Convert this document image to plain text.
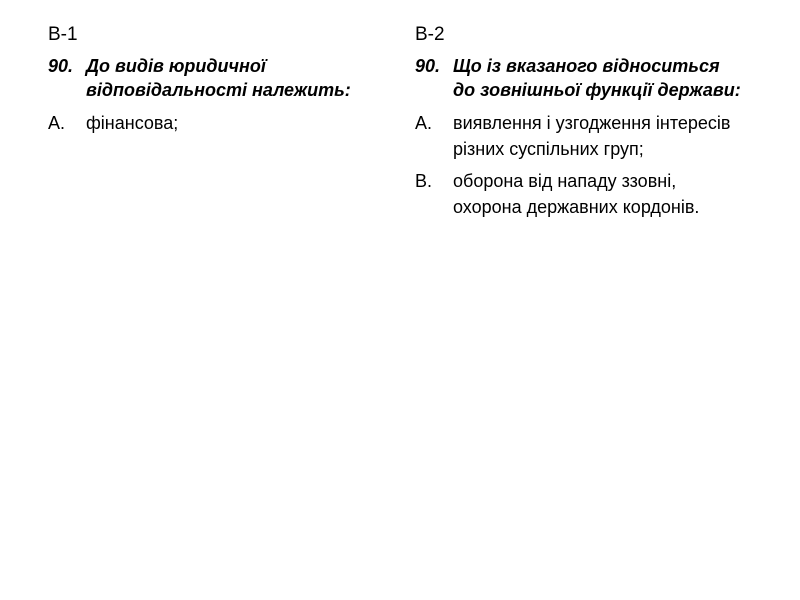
В-1
90. До видів юридичної відповідальності належить:
А.	фінансова;
В-2
90. Що із вказаного відноситься до зовнішньої функції держави:
А.	виявлення і узгодження інтересів різних суспільних груп;
В.	оборона від нападу ззовні, охорона державних кордонів.
